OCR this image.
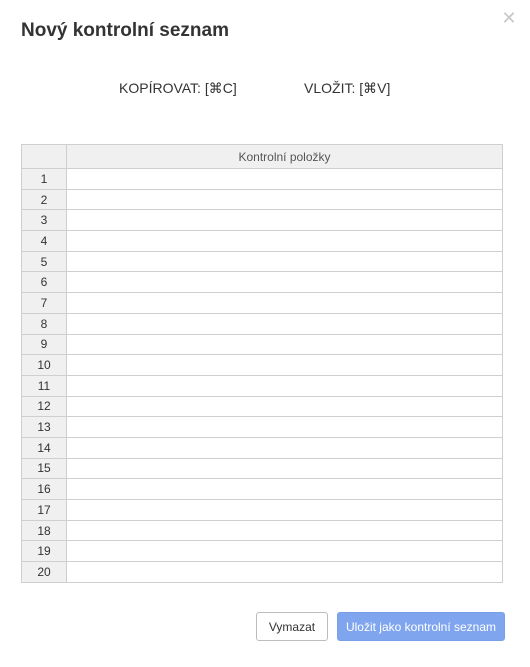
✕
Nový kontrolní seznam
KOPÍROVAT: [⌘C]	VLOŽIT: [⌘V]
	Kontrolní položky
1	
2	
3	
4	
5	
6	
7	
8	
9	
10	
11	
12	
13	
14	
15	
16	
17	
18	
19	
20	
Vymazat	Uložit jako kontrolní seznam
